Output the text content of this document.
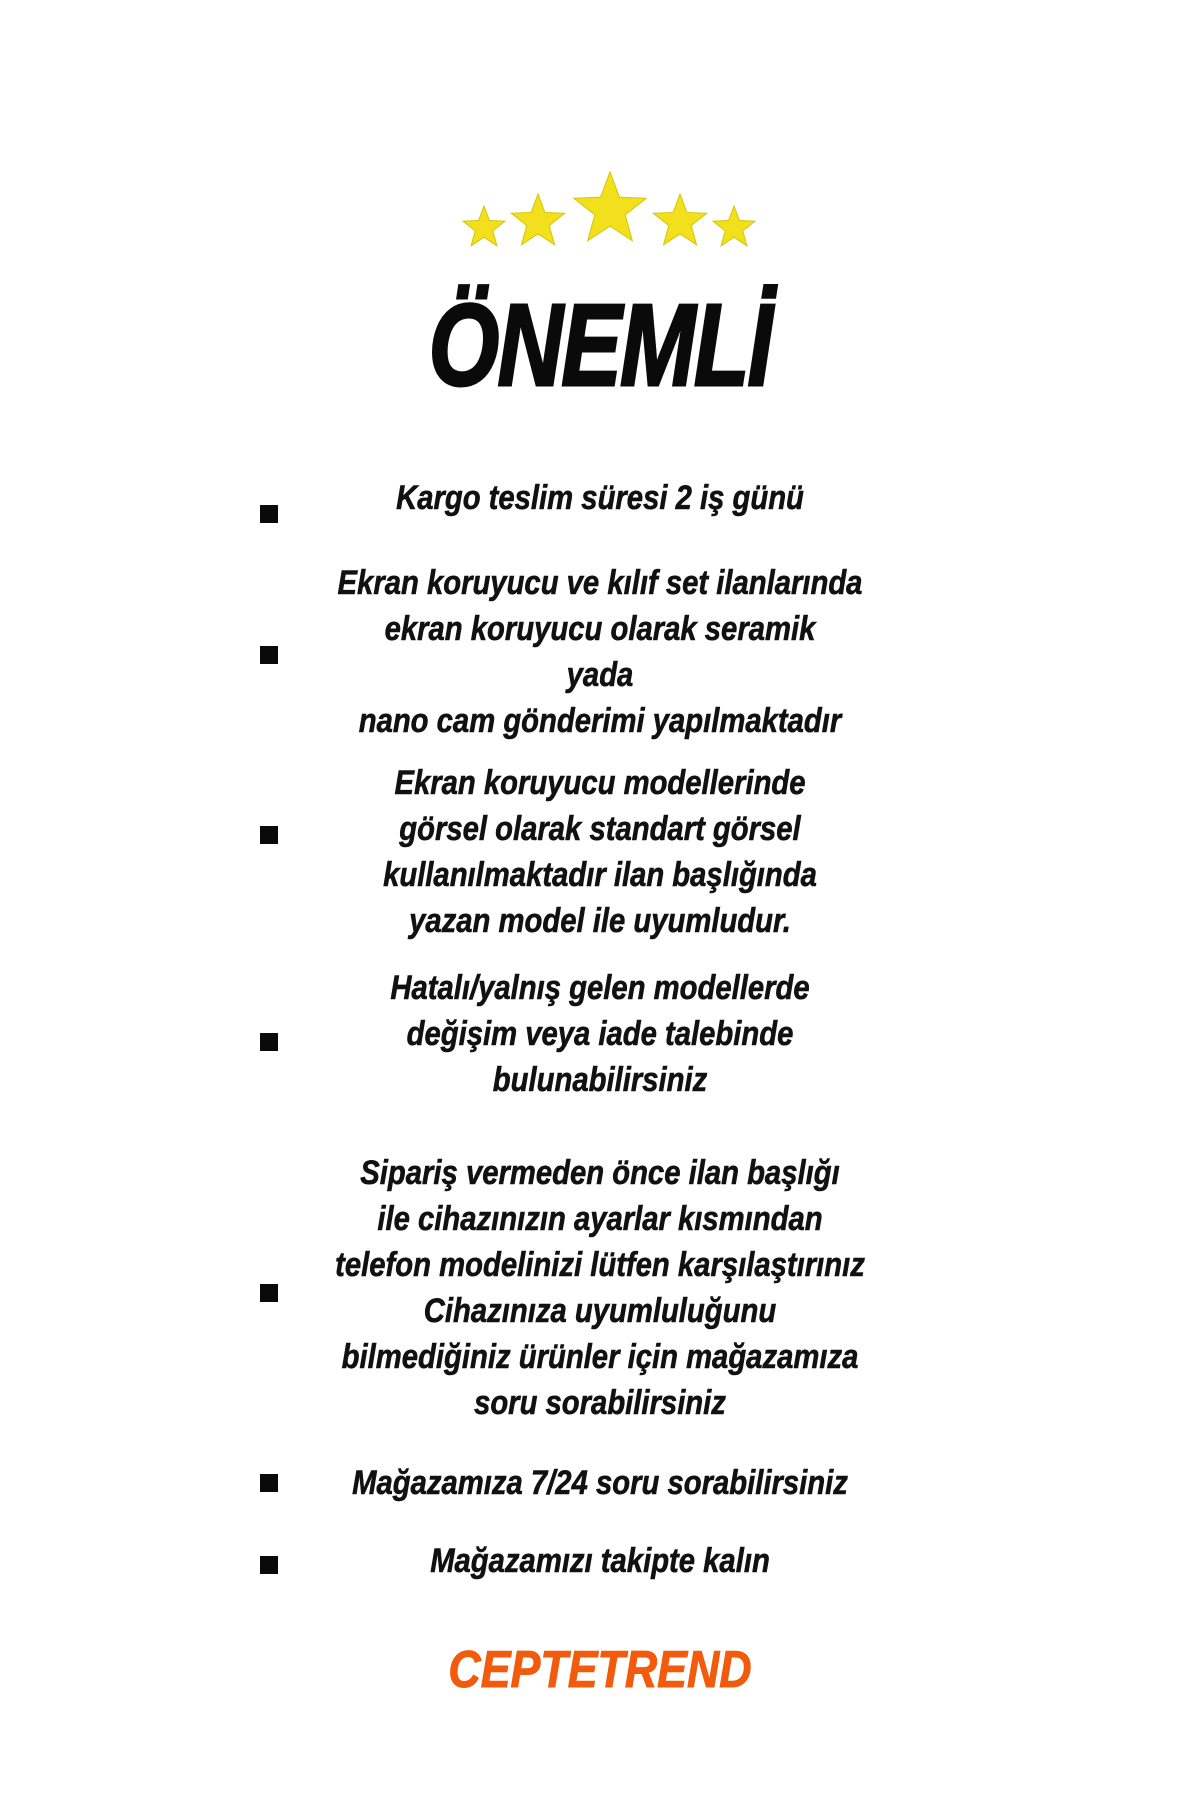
ÖNEMLİ
Kargo teslim süresi 2 iş günü
Ekran koruyucu ve kılıf set ilanlarında
ekran koruyucu olarak seramik
yada
nano cam gönderimi yapılmaktadır
Ekran koruyucu modellerinde
görsel olarak standart görsel
kullanılmaktadır ilan başlığında
yazan model ile uyumludur.
Hatalı/yalnış gelen modellerde
değişim veya iade talebinde
bulunabilirsiniz
Sipariş vermeden önce ilan başlığı
ile cihazınızın ayarlar kısmından
telefon modelinizi lütfen karşılaştırınız
Cihazınıza uyumluluğunu
bilmediğiniz ürünler için mağazamıza
soru sorabilirsiniz
Mağazamıza 7/24 soru sorabilirsiniz
Mağazamızı takipte kalın
CEPTETREND
